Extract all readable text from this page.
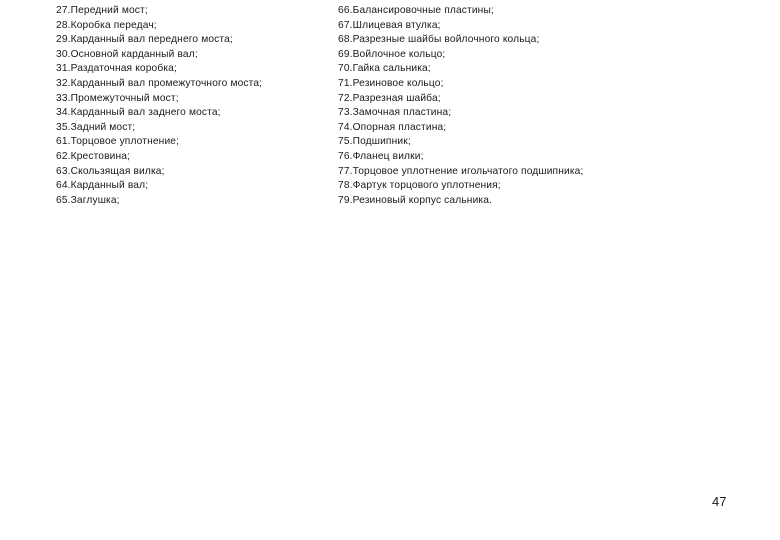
27.Передний мост;
28.Коробка передач;
29.Карданный вал переднего моста;
30.Основной карданный вал;
31.Раздаточная коробка;
32.Карданный вал промежуточного моста;
33.Промежуточный мост;
34.Карданный вал заднего моста;
35.Задний мост;
61.Торцовое уплотнение;
62.Крестовина;
63.Скользящая вилка;
64.Карданный вал;
65.Заглушка;
66.Балансировочные пластины;
67.Шлицевая втулка;
68.Разрезные шайбы войлочного кольца;
69.Войлочное кольцо;
70.Гайка сальника;
71.Резиновое кольцо;
72.Разрезная шайба;
73.Замочная пластина;
74.Опорная пластина;
75.Подшипник;
76.Фланец вилки;
77.Торцовое уплотнение игольчатого подшипника;
78.Фартук торцового уплотнения;
79.Резиновый корпус сальника.
47
